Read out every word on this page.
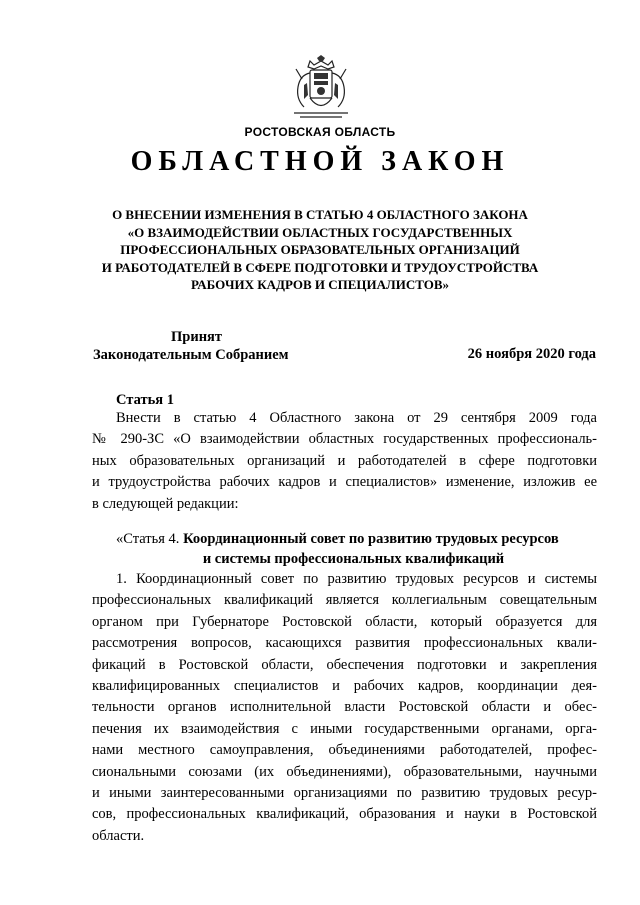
РОСТОВСКАЯ ОБЛАСТЬ
ОБЛАСТНОЙ ЗАКОН
О ВНЕСЕНИИ ИЗМЕНЕНИЯ В СТАТЬЮ 4 ОБЛАСТНОГО ЗАКОНА
«О ВЗАИМОДЕЙСТВИИ ОБЛАСТНЫХ ГОСУДАРСТВЕННЫХ
ПРОФЕССИОНАЛЬНЫХ ОБРАЗОВАТЕЛЬНЫХ ОРГАНИЗАЦИЙ
И РАБОТОДАТЕЛЕЙ В СФЕРЕ ПОДГОТОВКИ И ТРУДОУСТРОЙСТВА
РАБОЧИХ КАДРОВ И СПЕЦИАЛИСТОВ»
Принят
Законодательным Собранием	26 ноября 2020 года
Статья 1
Внести в статью 4 Областного закона от 29 сентября 2009 года
№ 290-ЗС «О взаимодействии областных государственных профессиональ-
ных образовательных организаций и работодателей в сфере подготовки
и трудоустройства рабочих кадров и специалистов» изменение, изложив ее
в следующей редакции:
«Статья 4. Координационный совет по развитию трудовых ресурсов
и системы профессиональных квалификаций
1. Координационный совет по развитию трудовых ресурсов и системы
профессиональных квалификаций является коллегиальным совещательным
органом при Губернаторе Ростовской области, который образуется для
рассмотрения вопросов, касающихся развития профессиональных квали-
фикаций в Ростовской области, обеспечения подготовки и закрепления
квалифицированных специалистов и рабочих кадров, координации дея-
тельности органов исполнительной власти Ростовской области и обес-
печения их взаимодействия с иными государственными органами, орга-
нами местного самоуправления, объединениями работодателей, профес-
сиональными союзами (их объединениями), образовательными, научными
и иными заинтересованными организациями по развитию трудовых ресур-
сов, профессиональных квалификаций, образования и науки в Ростовской
области.
